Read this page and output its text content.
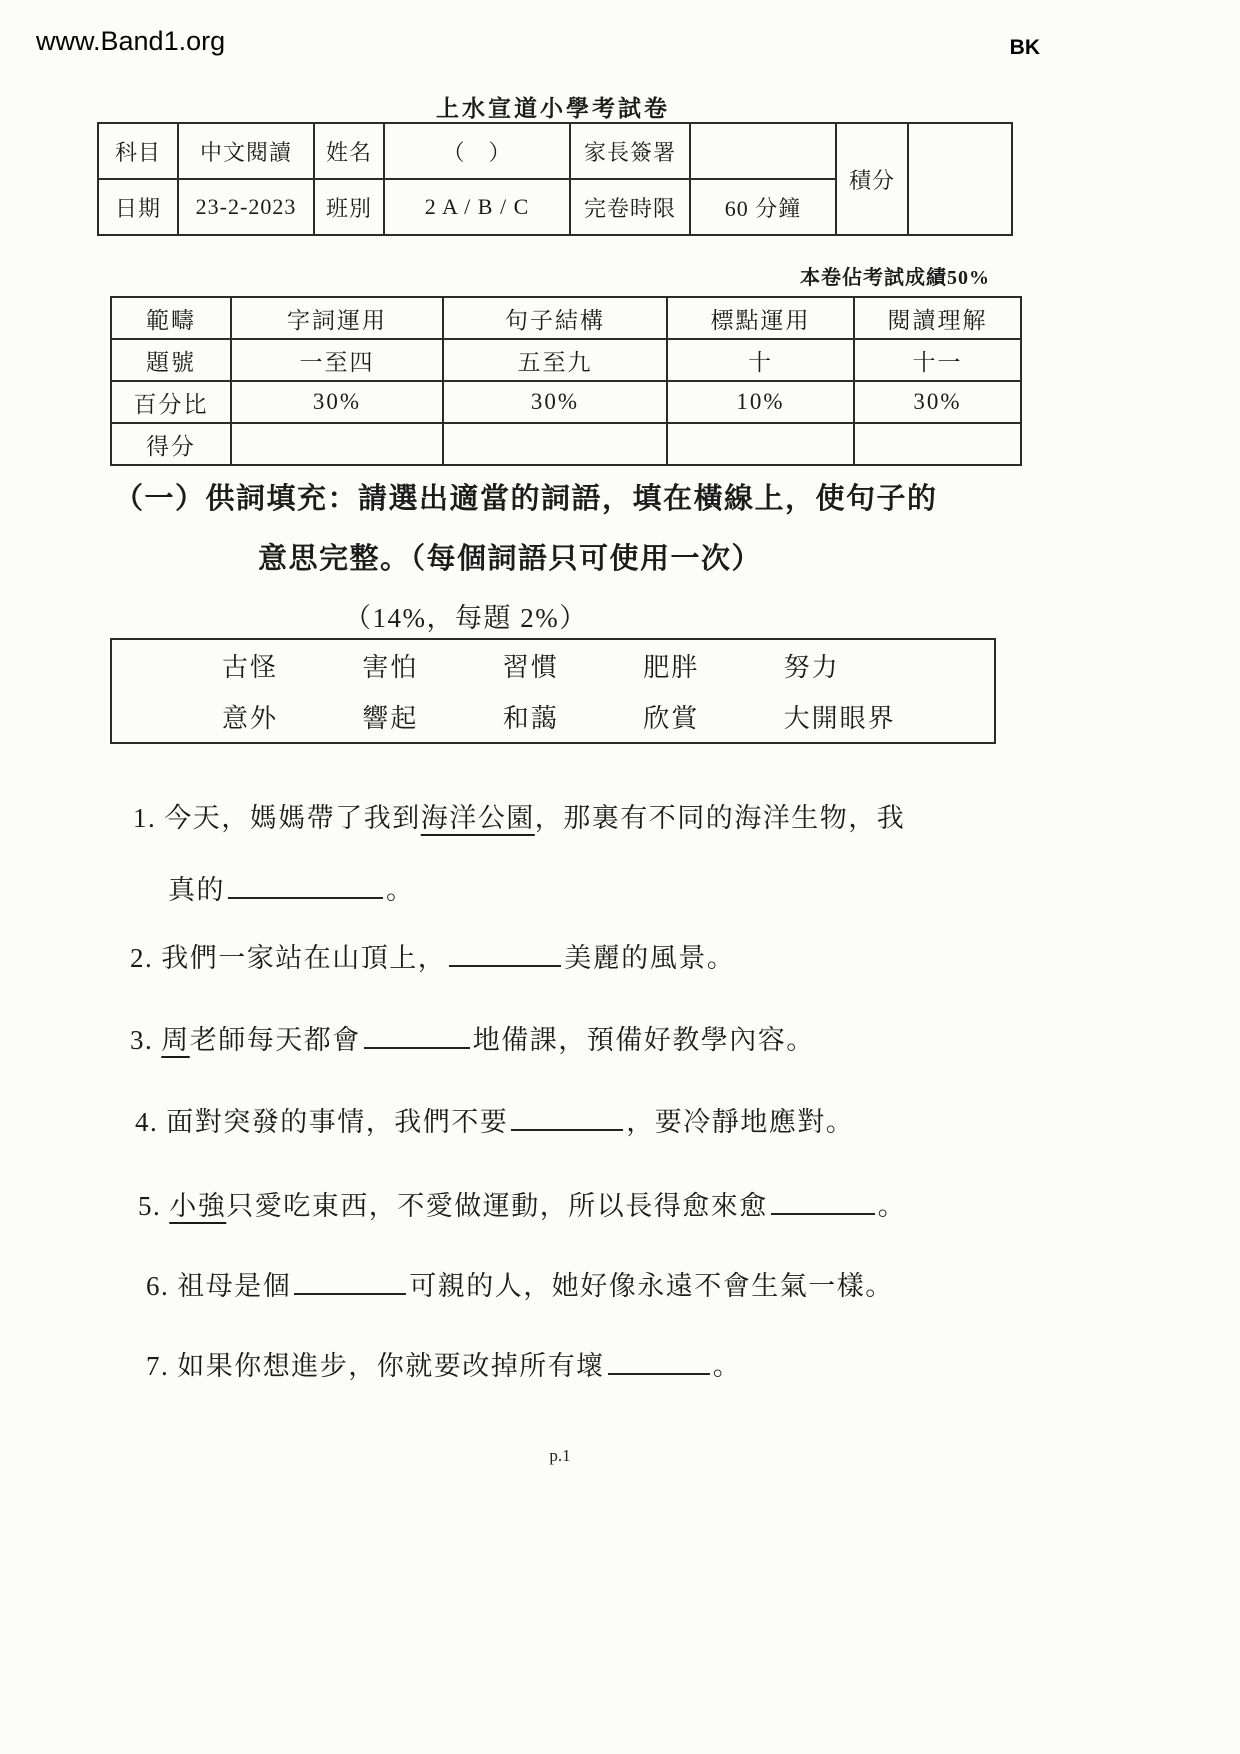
www.Band1.org	BK
上水宣道小學考試卷
科目	中文閱讀	姓名	（　）	家長簽署		積分	
日期	23-2-2023	班別	2 A / B / C	完卷時限	60 分鐘		
本卷佔考試成績50%
範疇	字詞運用	句子結構	標點運用	閱讀理解
題號	一至四	五至九	十	十一
百分比	30%	30%	10%	30%
得分				
（一）供詞填充：請選出適當的詞語，填在橫線上，使句子的
意思完整。（每個詞語只可使用一次）
（14%，每題 2%）
古怪	害怕	習慣	肥胖	努力
意外	響起	和藹	欣賞	大開眼界
1. 今天，媽媽帶了我到海洋公園，那裏有不同的海洋生物，我
真的	。
2. 我們一家站在山頂上，	美麗的風景。
3. 周老師每天都會	地備課，預備好教學內容。
4. 面對突發的事情，我們不要	，要冷靜地應對。
5. 小強只愛吃東西，不愛做運動，所以長得愈來愈	。
6. 祖母是個	可親的人，她好像永遠不會生氣一樣。
7. 如果你想進步，你就要改掉所有壞	。
p.1
